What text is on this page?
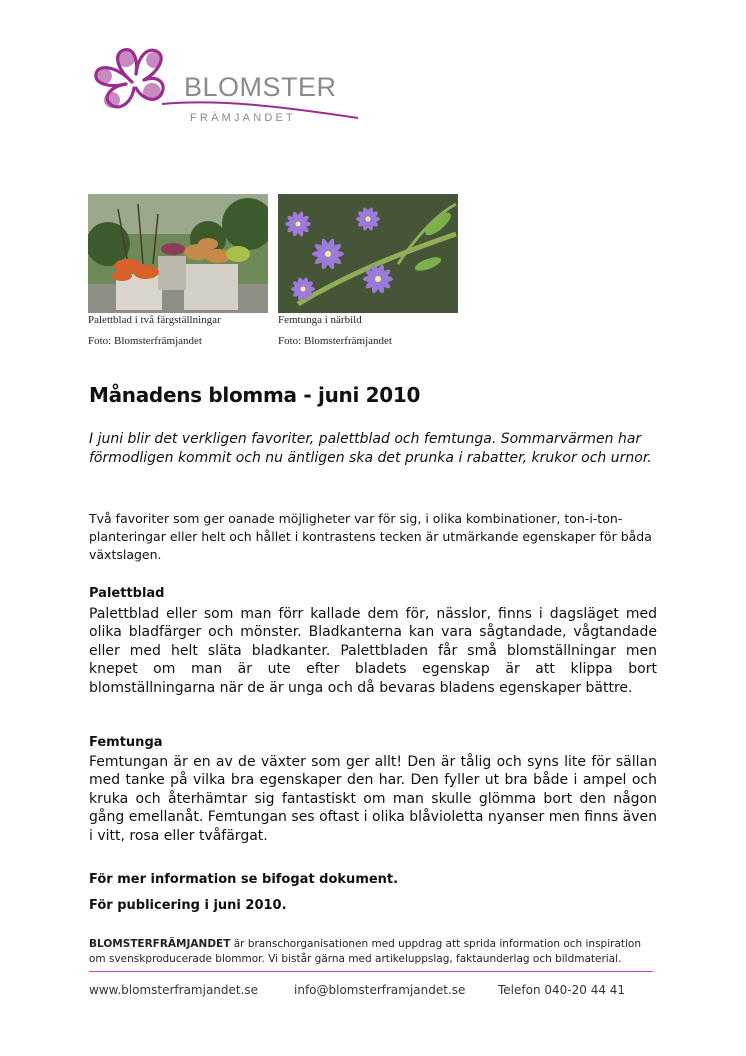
BLOMSTER
FRÄMJANDET
Palettblad i två färgställningar
Foto: Blomsterfrämjandet
Femtunga i närbild
Foto: Blomsterfrämjandet
Månadens blomma - juni 2010
I juni blir det verkligen favoriter, palettblad och femtunga. Sommarvärmen har förmodligen kommit och nu äntligen ska det prunka i rabatter, krukor och urnor.
Två favoriter som ger oanade möjligheter var för sig, i olika kombinationer, ton-i-ton-planteringar eller helt och hållet i kontrastens tecken är utmärkande egenskaper för båda växtslagen.
Palettblad
Palettblad eller som man förr kallade dem för, nässlor, finns i dagsläget med olika bladfärger och mönster. Bladkanterna kan vara sågtandade, vågtandade eller med helt släta bladkanter. Palettbladen får små blomställningar men knepet om man är ute efter bladets egenskap är att klippa bort blomställningarna när de är unga och då bevaras bladens egenskaper bättre.
Femtunga
Femtungan är en av de växter som ger allt! Den är tålig och syns lite för sällan med tanke på vilka bra egenskaper den har. Den fyller ut bra både i ampel och kruka och återhämtar sig fantastiskt om man skulle glömma bort den någon gång emellanåt. Femtungan ses oftast i olika blåvioletta nyanser men finns även i vitt, rosa eller tvåfärgat.
För mer information se bifogat dokument.
För publicering i juni 2010.
BLOMSTERFRÄMJANDET är branschorganisationen med uppdrag att sprida information och inspiration om svenskproducerade blommor. Vi bistår gärna med artikeluppslag, faktaunderlag och bildmaterial.
www.blomsterframjandet.se	info@blomsterframjandet.se	Telefon 040-20 44 41
